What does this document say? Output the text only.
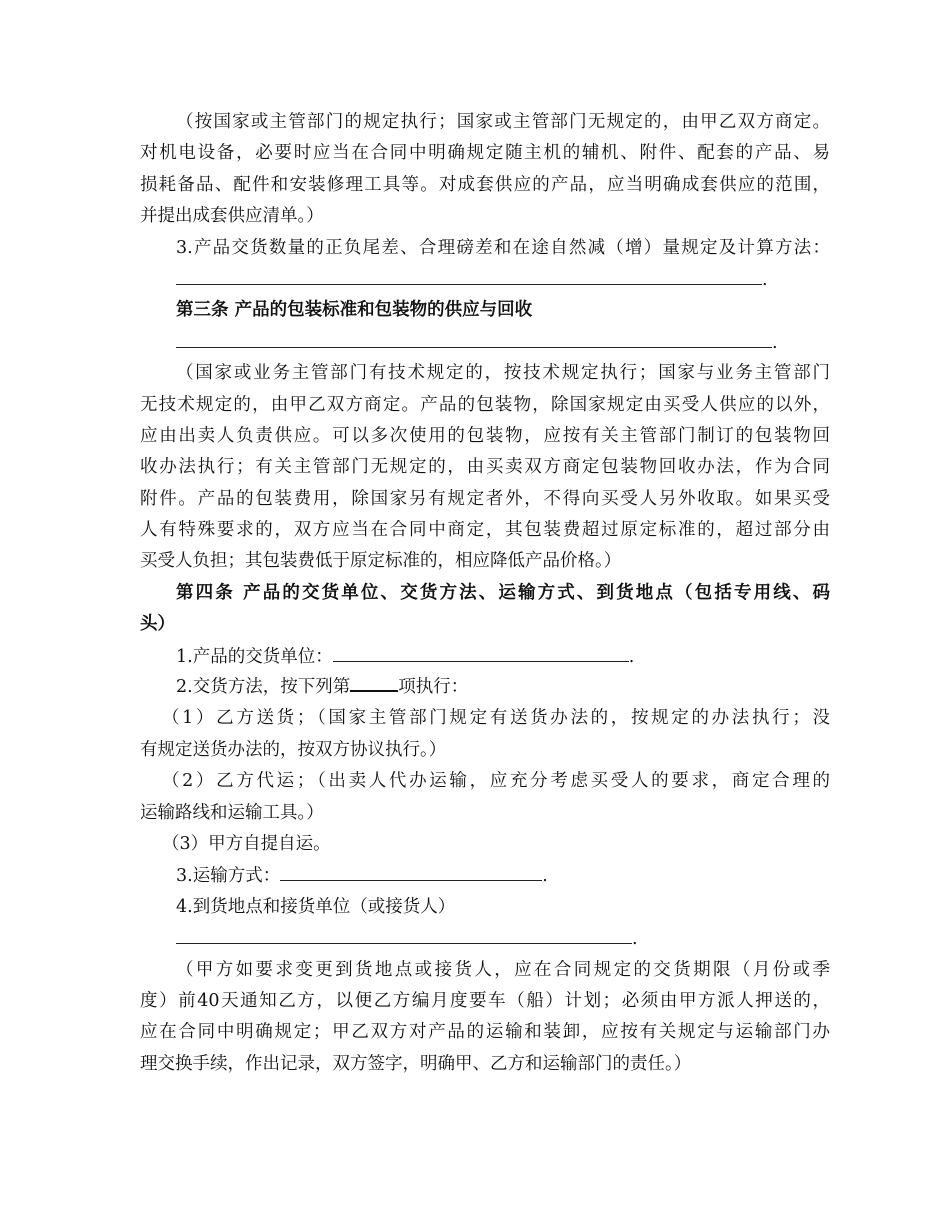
（按国家或主管部门的规定执行；国家或主管部门无规定的，由甲乙双方商定。
对机电设备，必要时应当在合同中明确规定随主机的辅机、附件、配套的产品、易
损耗备品、配件和安装修理工具等。对成套供应的产品，应当明确成套供应的范围，
并提出成套供应清单。）
3.产品交货数量的正负尾差、合理磅差和在途自然减（增）量规定及计算方法：
.
第三条 产品的包装标准和包装物的供应与回收
.
（国家或业务主管部门有技术规定的，按技术规定执行；国家与业务主管部门
无技术规定的，由甲乙双方商定。产品的包装物，除国家规定由买受人供应的以外，
应由出卖人负责供应。可以多次使用的包装物，应按有关主管部门制订的包装物回
收办法执行；有关主管部门无规定的，由买卖双方商定包装物回收办法，作为合同
附件。产品的包装费用，除国家另有规定者外，不得向买受人另外收取。如果买受
人有特殊要求的，双方应当在合同中商定，其包装费超过原定标准的，超过部分由
买受人负担；其包装费低于原定标准的，相应降低产品价格。）
第四条 产品的交货单位、交货方法、运输方式、到货地点（包括专用线、码
头）
1.产品的交货单位：	.
2.交货方法，按下列第	项执行：
（1）乙方送货；（国家主管部门规定有送货办法的，按规定的办法执行；没
有规定送货办法的，按双方协议执行。）
（2）乙方代运；（出卖人代办运输，应充分考虑买受人的要求，商定合理的
运输路线和运输工具。）
（3）甲方自提自运。
3.运输方式：	.
4.到货地点和接货单位（或接货人）
.
（甲方如要求变更到货地点或接货人，应在合同规定的交货期限（月份或季
度）前40天通知乙方，以便乙方编月度要车（船）计划；必须由甲方派人押送的，
应在合同中明确规定；甲乙双方对产品的运输和装卸，应按有关规定与运输部门办
理交换手续，作出记录，双方签字，明确甲、乙方和运输部门的责任。）
